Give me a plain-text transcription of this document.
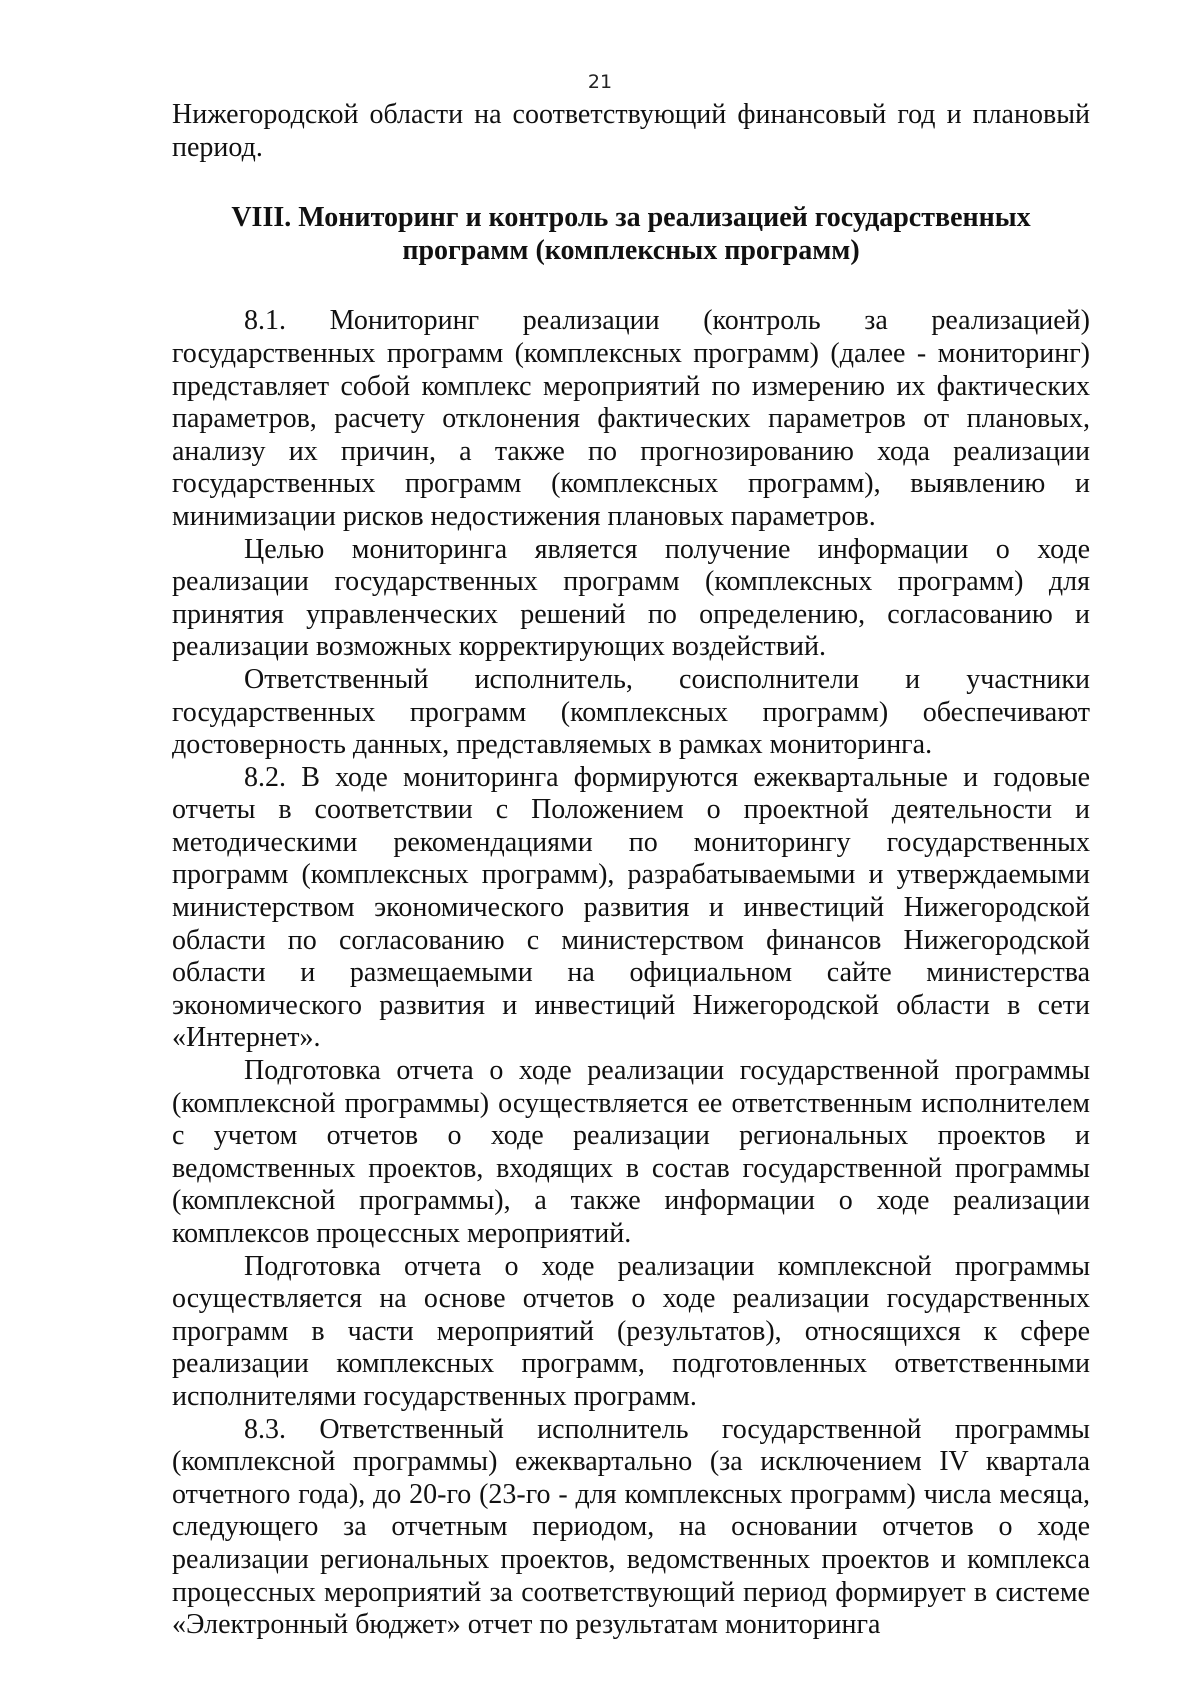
21

Нижегородской области на соответствующий финансовый год и плановый период.

VIII. Мониторинг и контроль за реализацией государственных программ (комплексных программ)

8.1. Мониторинг реализации (контроль за реализацией) государственных программ (комплексных программ) (далее - мониторинг) представляет собой комплекс мероприятий по измерению их фактических параметров, расчету отклонения фактических параметров от плановых, анализу их причин, а также по прогнозированию хода реализации государственных программ (комплексных программ), выявлению и минимизации рисков недостижения плановых параметров.

Целью мониторинга является получение информации о ходе реализации государственных программ (комплексных программ) для принятия управленческих решений по определению, согласованию и реализации возможных корректирующих воздействий.

Ответственный исполнитель, соисполнители и участники государственных программ (комплексных программ) обеспечивают достоверность данных, представляемых в рамках мониторинга.

8.2. В ходе мониторинга формируются ежеквартальные и годовые отчеты в соответствии с Положением о проектной деятельности и методическими рекомендациями по мониторингу государственных программ (комплексных программ), разрабатываемыми и утверждаемыми министерством экономического развития и инвестиций Нижегородской области по согласованию с министерством финансов Нижегородской области и размещаемыми на официальном сайте министерства экономического развития и инвестиций Нижегородской области в сети «Интернет».

Подготовка отчета о ходе реализации государственной программы (комплексной программы) осуществляется ее ответственным исполнителем с учетом отчетов о ходе реализации региональных проектов и ведомственных проектов, входящих в состав государственной программы (комплексной программы), а также информации о ходе реализации комплексов процессных мероприятий.

Подготовка отчета о ходе реализации комплексной программы осуществляется на основе отчетов о ходе реализации государственных программ в части мероприятий (результатов), относящихся к сфере реализации комплексных программ, подготовленных ответственными исполнителями государственных программ.

8.3. Ответственный исполнитель государственной программы (комплексной программы) ежеквартально (за исключением IV квартала отчетного года), до 20-го (23-го - для комплексных программ) числа месяца, следующего за отчетным периодом, на основании отчетов о ходе реализации региональных проектов, ведомственных проектов и комплекса процессных мероприятий за соответствующий период формирует в системе «Электронный бюджет» отчет по результатам мониторинга
